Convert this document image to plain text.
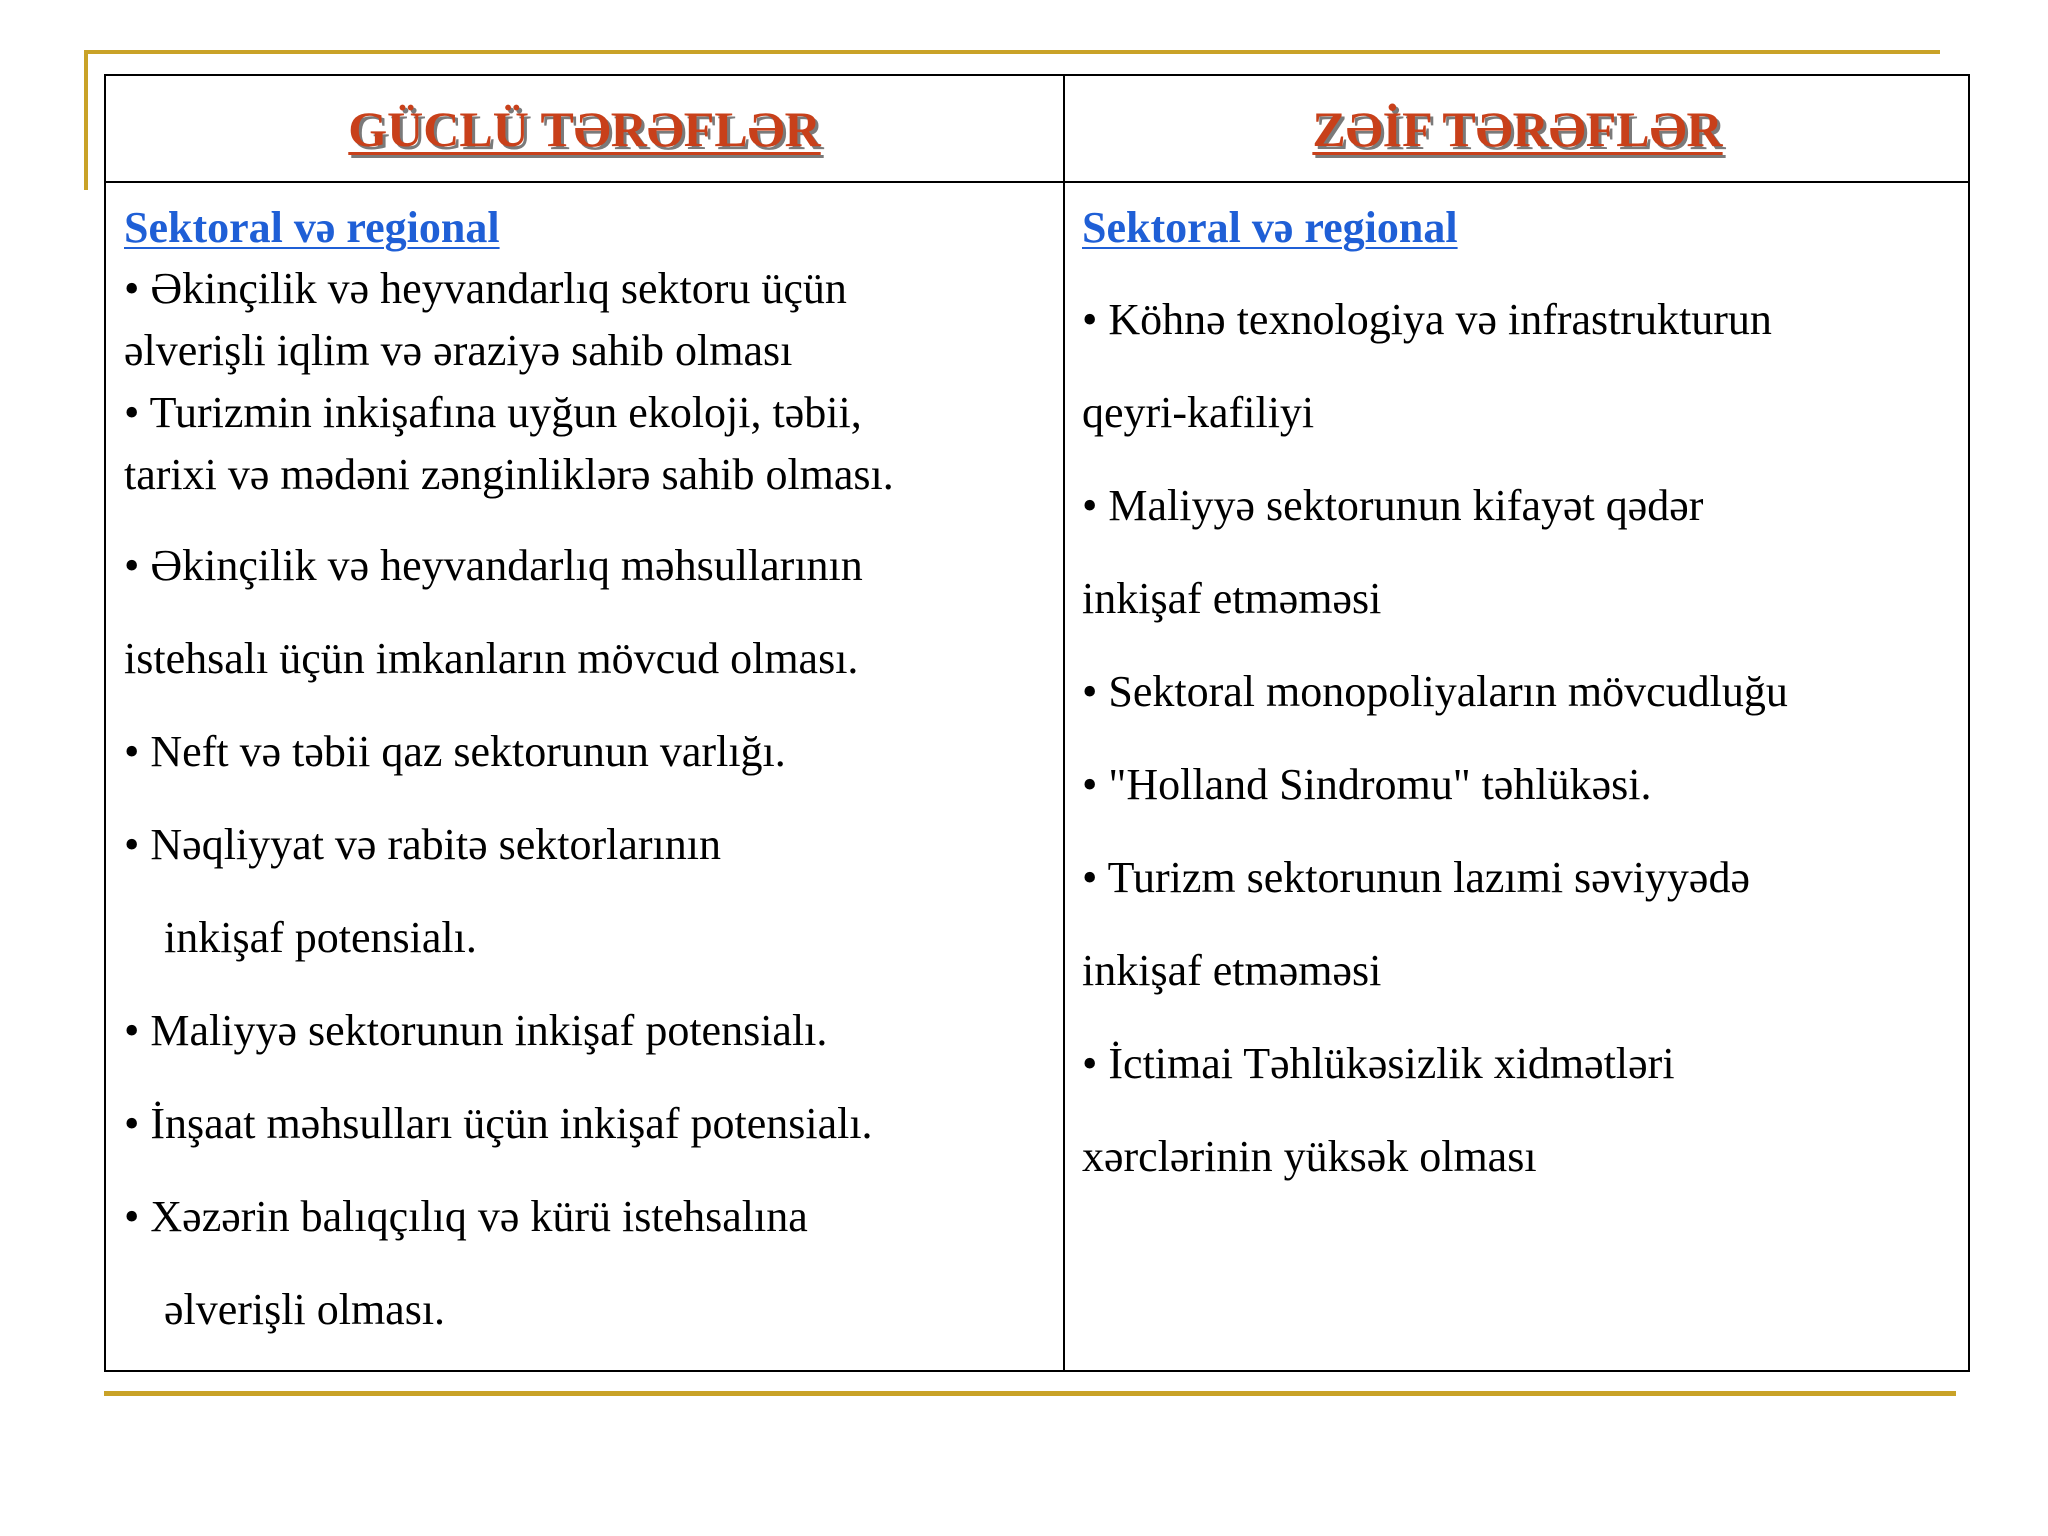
GÜCLÜ TƏRƏFLƏR	ZƏİF TƏRƏFLƏR
Sektoral və regional
• Əkinçilik və heyvandarlıq sektoru üçün
əlverişli iqlim və əraziyə sahib olması
• Turizmin inkişafına uyğun ekoloji, təbii,
tarixi və mədəni zənginliklərə sahib olması.
• Əkinçilik və heyvandarlıq məhsullarının
istehsalı üçün imkanların mövcud olması.
• Neft və təbii qaz sektorunun varlığı.
• Nəqliyyat və rabitə sektorlarının
inkişaf potensialı.
• Maliyyə sektorunun inkişaf potensialı.
• İnşaat məhsulları üçün inkişaf potensialı.
• Xəzərin balıqçılıq və kürü istehsalına
əlverişli olması.
Sektoral və regional
• Köhnə texnologiya və infrastrukturun
qeyri-kafiliyi
• Maliyyə sektorunun kifayət qədər
inkişaf etməməsi
• Sektoral monopoliyaların mövcudluğu
• "Holland Sindromu" təhlükəsi.
• Turizm sektorunun lazımi səviyyədə
inkişaf etməməsi
• İctimai Təhlükəsizlik xidmətləri
xərclərinin yüksək olması
